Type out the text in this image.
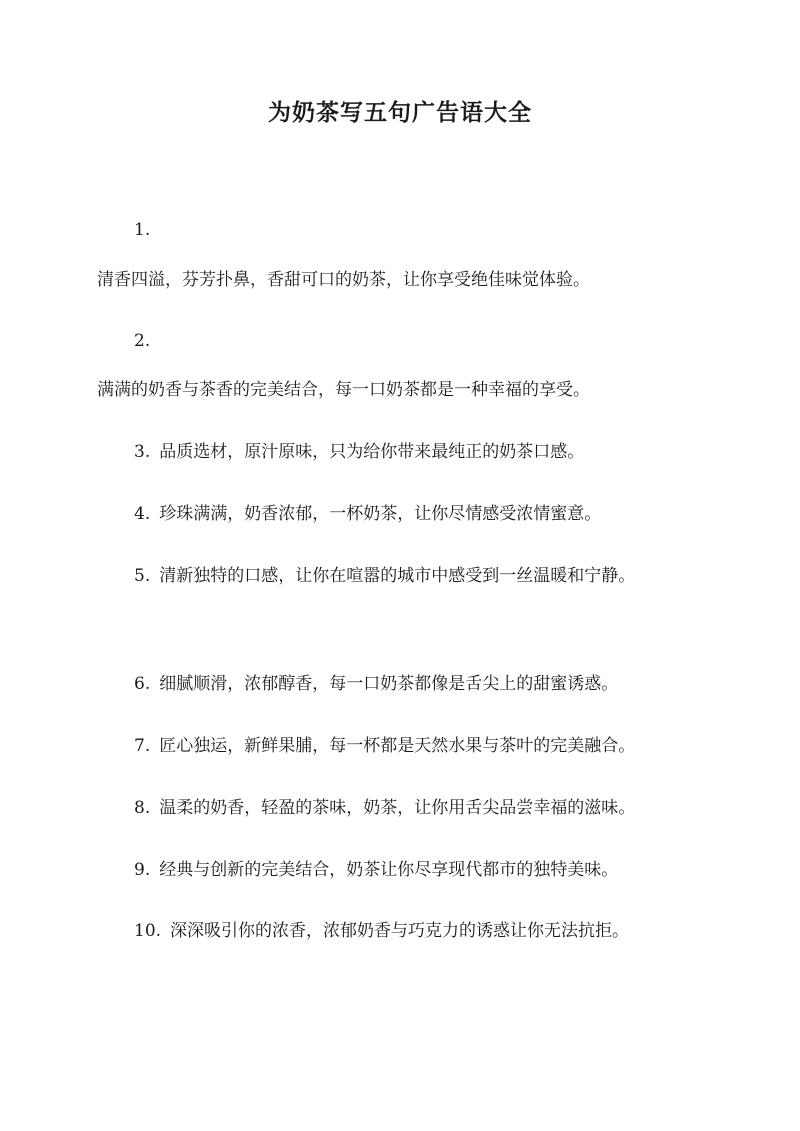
为奶茶写五句广告语大全
1.
清香四溢，芬芳扑鼻，香甜可口的奶茶，让你享受绝佳味觉体验。
2.
满满的奶香与茶香的完美结合，每一口奶茶都是一种幸福的享受。
3. 品质选材，原汁原味，只为给你带来最纯正的奶茶口感。
4. 珍珠满满，奶香浓郁，一杯奶茶，让你尽情感受浓情蜜意。
5. 清新独特的口感，让你在喧嚣的城市中感受到一丝温暖和宁静。
6. 细腻顺滑，浓郁醇香，每一口奶茶都像是舌尖上的甜蜜诱惑。
7. 匠心独运，新鲜果脯，每一杯都是天然水果与茶叶的完美融合。
8. 温柔的奶香，轻盈的茶味，奶茶，让你用舌尖品尝幸福的滋味。
9. 经典与创新的完美结合，奶茶让你尽享现代都市的独特美味。
10. 深深吸引你的浓香，浓郁奶香与巧克力的诱惑让你无法抗拒。
